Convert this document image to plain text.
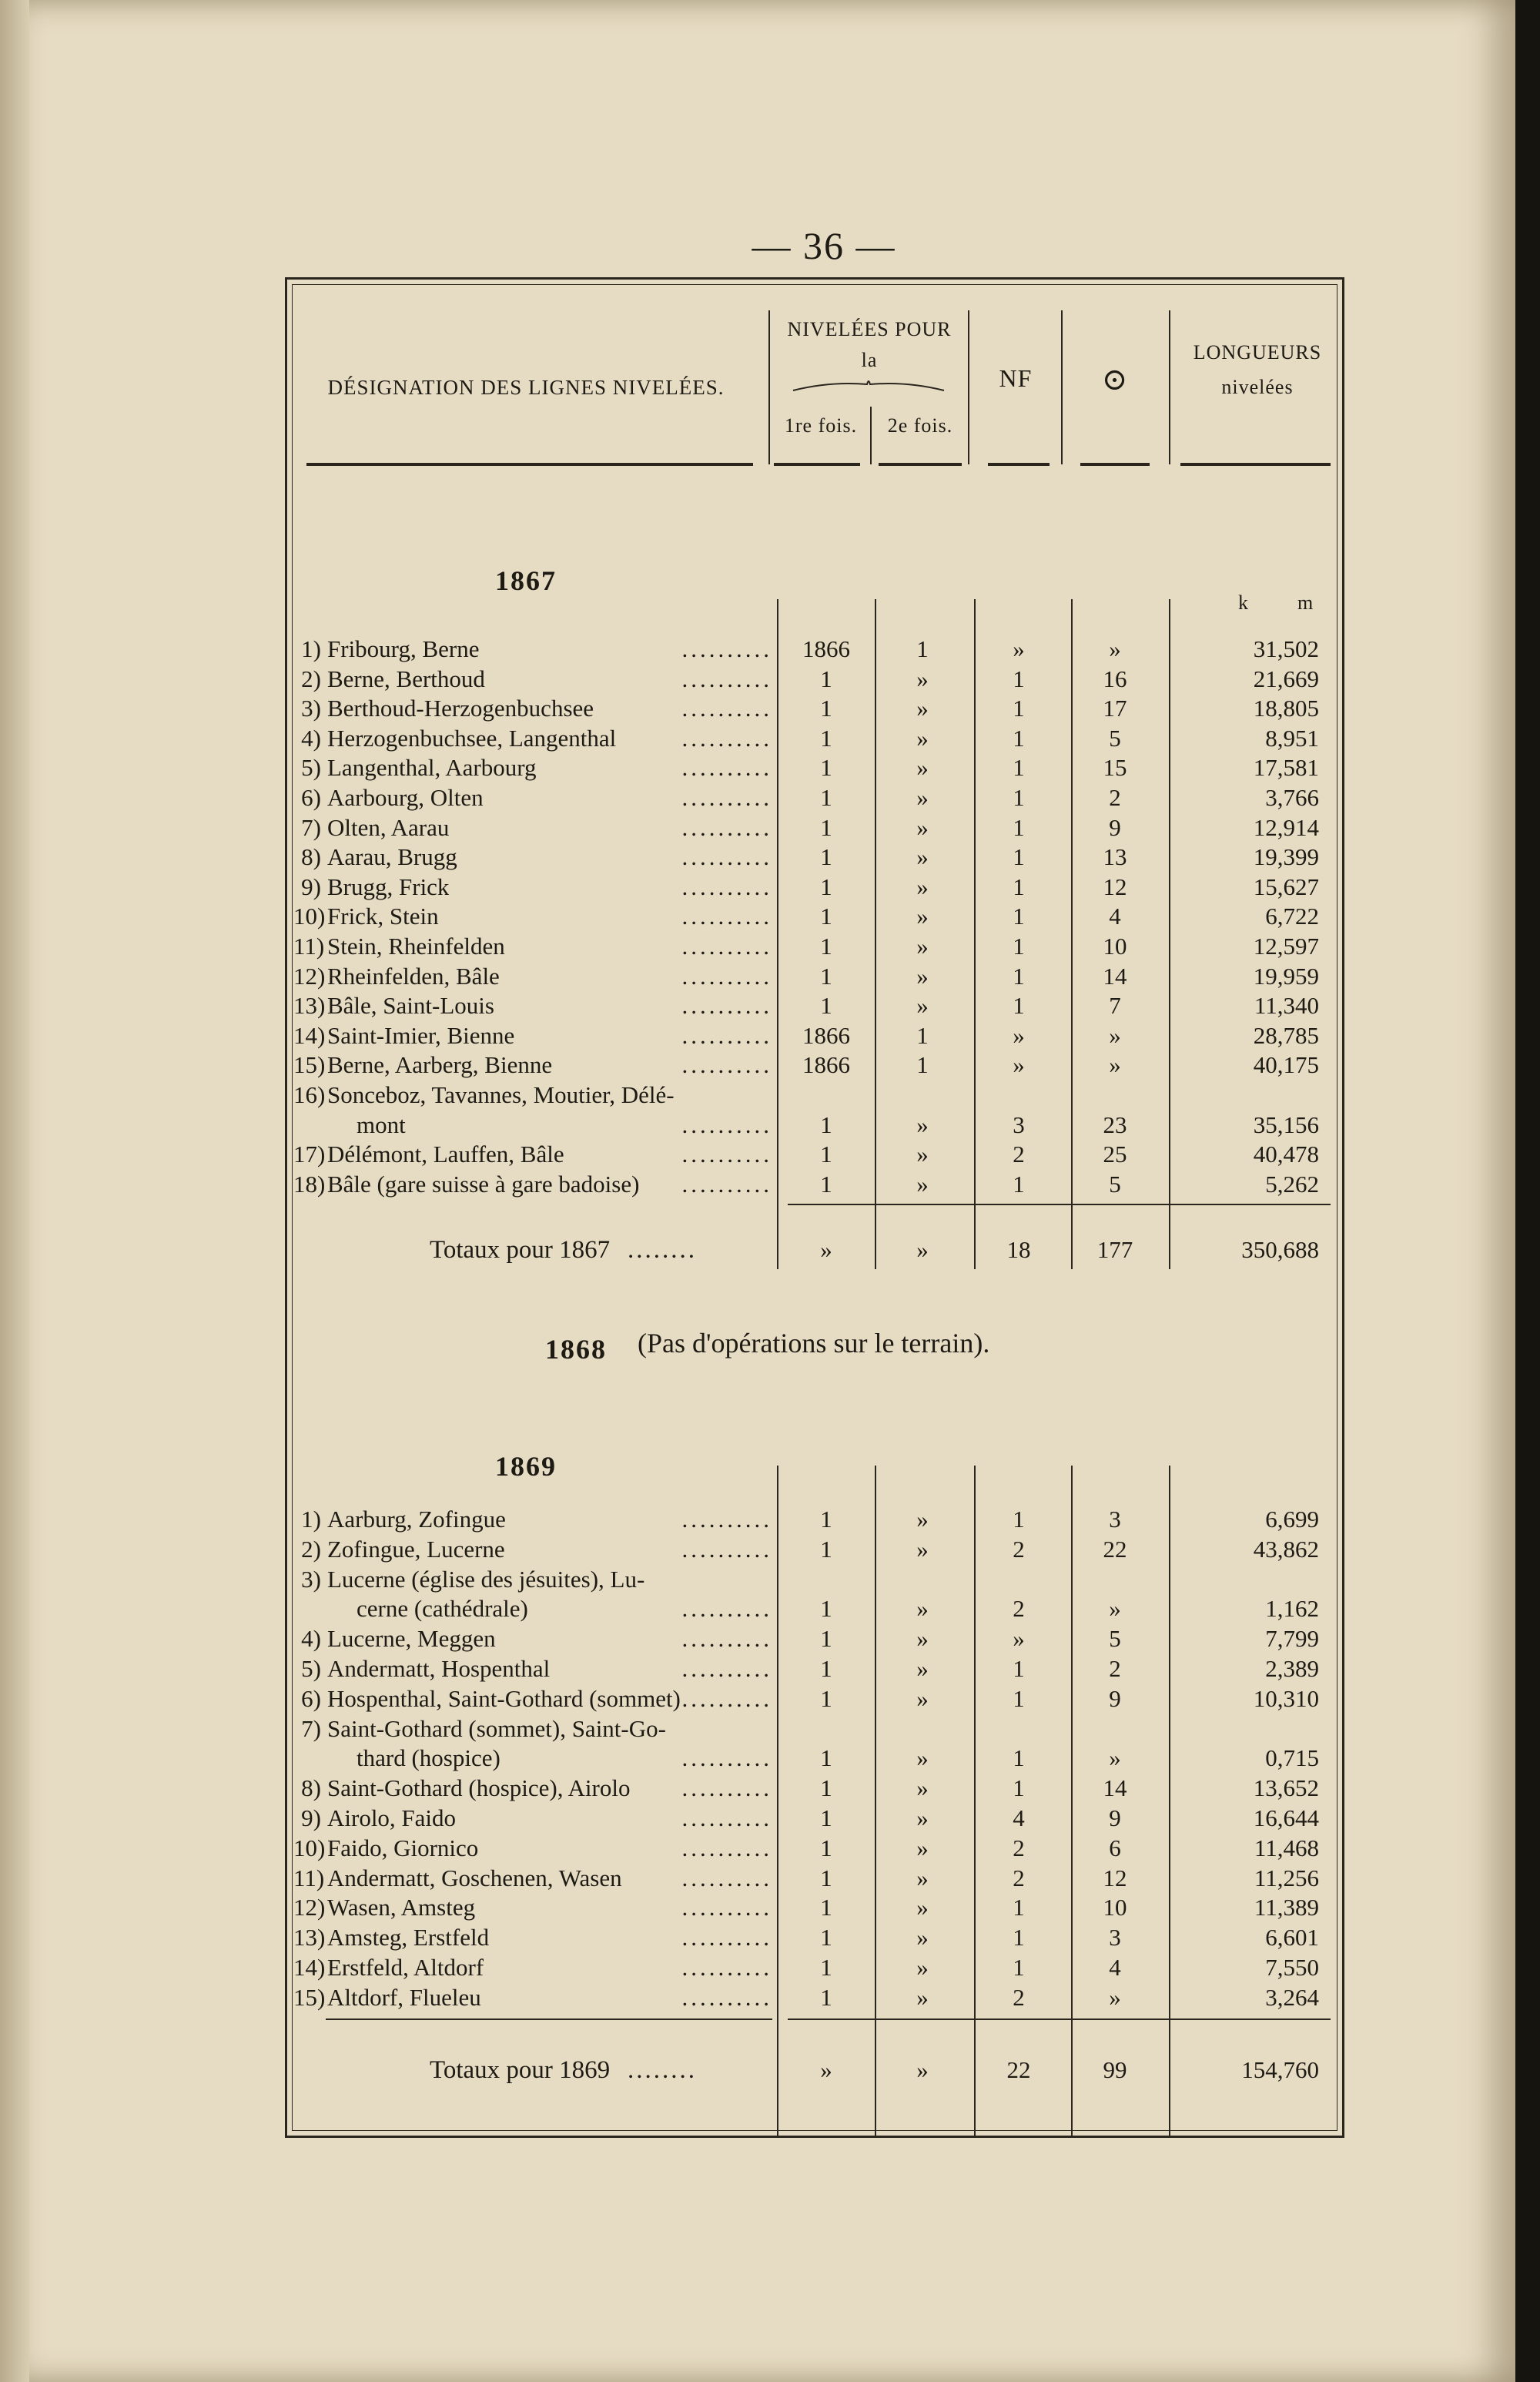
— 36 —
DÉSIGNATION DES LIGNES NIVELÉES.
NIVELÉES POUR
la
1re fois.	2e fois.
NF	⊙
LONGUEURS
nivelées
1867
k m
1) Fribourg, Berne	..........	1866	1	»	»	31,502
2) Berne, Berthoud	..........	1	»	1	16	21,669
3) Berthoud-Herzogenbuchsee	..........	1	»	1	17	18,805
4) Herzogenbuchsee, Langenthal	..........	1	»	1	5	8,951
5) Langenthal, Aarbourg	..........	1	»	1	15	17,581
6) Aarbourg, Olten	..........	1	»	1	2	3,766
7) Olten, Aarau	..........	1	»	1	9	12,914
8) Aarau, Brugg	..........	1	»	1	13	19,399
9) Brugg, Frick	..........	1	»	1	12	15,627
10) Frick, Stein	..........	1	»	1	4	6,722
11) Stein, Rheinfelden	..........	1	»	1	10	12,597
12) Rheinfelden, Bâle	..........	1	»	1	14	19,959
13) Bâle, Saint-Louis	..........	1	»	1	7	11,340
14) Saint-Imier, Bienne	..........	1866	1	»	»	28,785
15) Berne, Aarberg, Bienne	..........	1866	1	»	»	40,175
16) Sonceboz, Tavannes, Moutier, Délé-
mont	..........	1	»	3	23	35,156
17) Délémont, Lauffen, Bâle	..........	1	»	2	25	40,478
18) Bâle (gare suisse à gare badoise) ..........	1	»	1	5	5,262
Totaux pour 1867 ........	»	»	18	177	350,688
1868 (Pas d'opérations sur le terrain).
1869
1) Aarburg, Zofingue	..........	1	»	1	3	6,699
2) Zofingue, Lucerne	..........	1	»	2	22	43,862
3) Lucerne (église des jésuites), Lu-
cerne (cathédrale)	..........	1	»	2	»	1,162
4) Lucerne, Meggen	..........	1	»	»	5	7,799
5) Andermatt, Hospenthal	..........	1	»	1	2	2,389
6) Hospenthal, Saint-Gothard (sommet) ..........	1	»	1	9	10,310
7) Saint-Gothard (sommet), Saint-Go-
thard (hospice)	..........	1	»	1	»	0,715
8) Saint-Gothard (hospice), Airolo ..........	1	»	1	14	13,652
9) Airolo, Faido	..........	1	»	4	9	16,644
10) Faido, Giornico	..........	1	»	2	6	11,468
11) Andermatt, Goschenen, Wasen	..........	1	»	2	12	11,256
12) Wasen, Amsteg	..........	1	»	1	10	11,389
13) Amsteg, Erstfeld	..........	1	»	1	3	6,601
14) Erstfeld, Altdorf	..........	1	»	1	4	7,550
15) Altdorf, Flueleu	..........	1	»	2	»	3,264
Totaux pour 1869 ........	»	»	22	99	154,760
